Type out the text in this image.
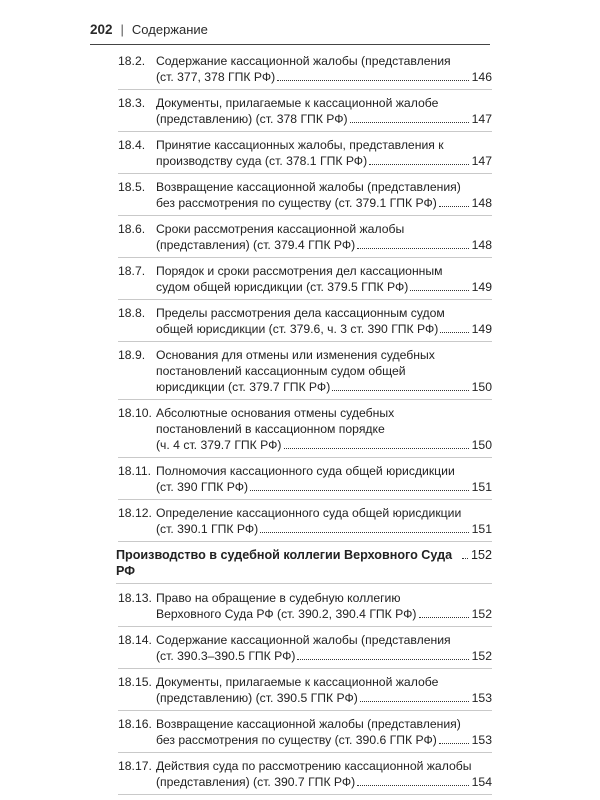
202 | Содержание
18.2. Содержание кассационной жалобы (представления
(ст. 377, 378 ГПК РФ)	146
18.3. Документы, прилагаемые к кассационной жалобе
(представлению) (ст. 378 ГПК РФ)	147
18.4. Принятие кассационных жалобы, представления к
производству суда (ст. 378.1 ГПК РФ)	147
18.5. Возвращение кассационной жалобы (представления)
без рассмотрения по существу (ст. 379.1 ГПК РФ)	148
18.6. Сроки рассмотрения кассационной жалобы
(представления) (ст. 379.4 ГПК РФ)	148
18.7. Порядок и сроки рассмотрения дел кассационным
судом общей юрисдикции (ст. 379.5 ГПК РФ)	149
18.8. Пределы рассмотрения дела кассационным судом
общей юрисдикции (ст. 379.6, ч. 3 ст. 390 ГПК РФ)	149
18.9. Основания для отмены или изменения судебных
постановлений кассационным судом общей
юрисдикции (ст. 379.7 ГПК РФ)	150
18.10. Абсолютные основания отмены судебных
постановлений в кассационном порядке
(ч. 4 ст. 379.7 ГПК РФ)	150
18.11. Полномочия кассационного суда общей юрисдикции
(ст. 390 ГПК РФ)	151
18.12. Определение кассационного суда общей юрисдикции
(ст. 390.1 ГПК РФ)	151
Производство в судебной коллегии Верховного Суда РФ
152
18.13. Право на обращение в судебную коллегию
Верховного Суда РФ (ст. 390.2, 390.4 ГПК РФ)	152
18.14. Содержание кассационной жалобы (представления
(ст. 390.3–390.5 ГПК РФ)	152
18.15. Документы, прилагаемые к кассационной жалобе
(представлению) (ст. 390.5 ГПК РФ)	153
18.16. Возвращение кассационной жалобы (представления)
без рассмотрения по существу (ст. 390.6 ГПК РФ)	153
18.17. Действия суда по рассмотрению кассационной жалобы
(представления) (ст. 390.7 ГПК РФ)	154
